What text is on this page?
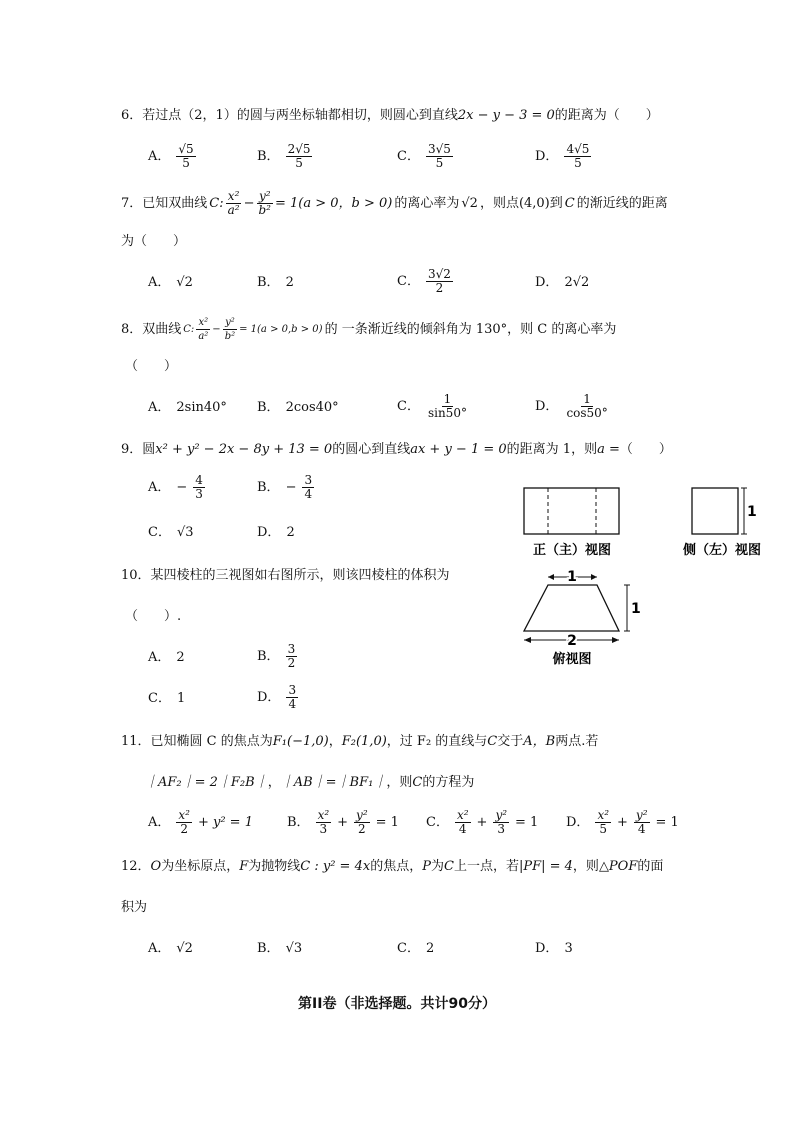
6．若过点（2，1）的圆与两坐标轴都相切，则圆心到直线2x − y − 3 = 0的距离为（　　）
A． $\frac{√5}{5}$	B． $\frac{2√5}{5}$	C． $\frac{3√5}{5}$	D． $\frac{4√5}{5}$
7．已知双曲线 C: $\frac{\text{x²}}{\text{a²}} - \frac{\text{y²}}{\text{b²}} = 1(a > 0$，b > 0) 的离心率为 √2 ，则点(4,0)到 C 的渐近线的距离
为（　　）
A． √2	B． 2	C． $\frac{3√2}{2}$	D． 2√2
8．双曲线 C: $\frac{\text{x²}}{\text{a²}} - \frac{\text{y²}}{\text{b²}} = 1(a > 0,b > 0)$ 的 一条渐近线的倾斜角为 130°，则 C 的离心率为
（　　）
A． 2sin40° B． 2cos40°	C． $\frac{1}{\sin 50^\circ}$	D． $\frac{1}{\cos 50^\circ}$
9．圆x² + y² − 2x − 8y + 13 = 0的圆心到直线ax + y − 1 = 0的距离为 1，则a =（　　）
A． − $\frac{4}{3}$	B． − $\frac{3}{4}$
C． √3	D． 2
正（主）视图
1
侧（左）视图
1
1
2
俯视图
10．某四棱柱的三视图如右图所示，则该四棱柱的体积为
（　　）.
A． 2	B． $\frac{3}{2}$
C． 1	D． $\frac{3}{4}$
11．已知椭圆 C 的焦点为F₁(−1,0)，F₂(1,0)，过 F₂ 的直线与C交于A，B两点.若
｜AF₂｜= 2｜F₂B｜，｜AB｜=｜BF₁｜，则C的方程为
A． $\frac{\text{x²}}{2} + y^2 = 1$	B． $\frac{\text{x²}}{3} + \frac{\text{y²}}{2} = 1$ C． $\frac{\text{x²}}{4} + \frac{\text{y²}}{3} = 1$ D． $\frac{\text{x²}}{5} + \frac{\text{y²}}{4} = 1$
12．O为坐标原点，F为抛物线C : y² = 4x的焦点，P为C上一点，若|PF| = 4，则△POF的面
积为
A． √2	B． √3	C． 2	D． 3
第II卷（非选择题。共计90分）
